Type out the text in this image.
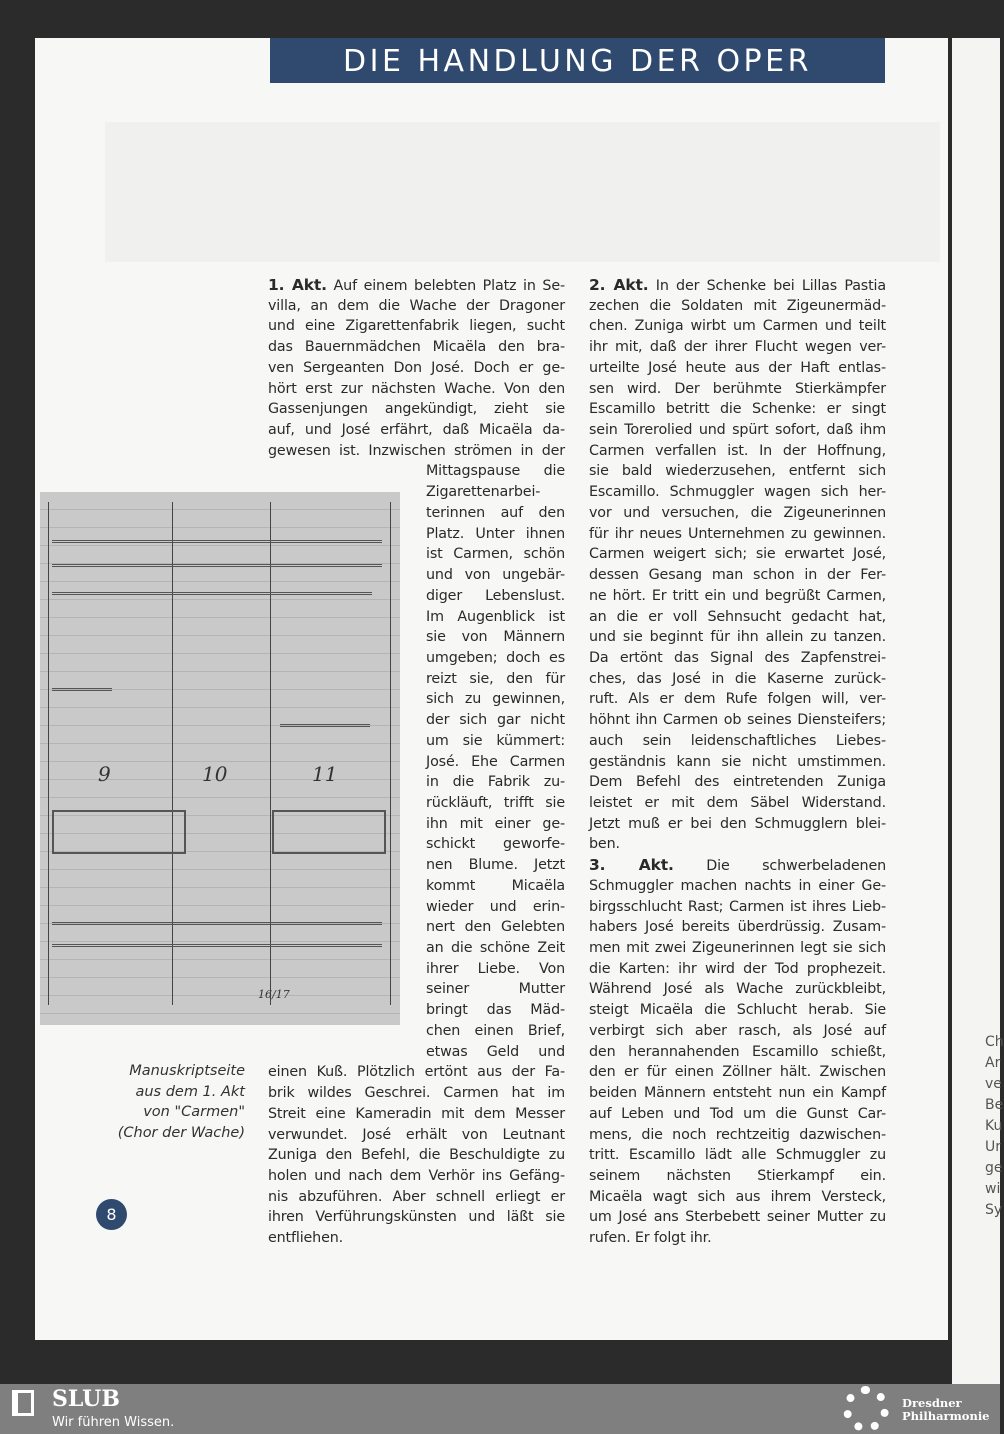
DIE HANDLUNG DER OPER
1. Akt. Auf einem belebten Platz in Se-
villa, an dem die Wache der Dragoner
und eine Zigarettenfabrik liegen, sucht
das Bauernmädchen Micaëla den bra-
ven Sergeanten Don José. Doch er ge-
hört erst zur nächsten Wache. Von den
Gassenjungen angekündigt, zieht sie
auf, und José erfährt, daß Micaëla da-
gewesen ist. Inzwischen strömen in der
Mittagspause die
Zigarettenarbei-
terinnen auf den
Platz. Unter ihnen
ist Carmen, schön
und von ungebär-
diger Lebenslust.
Im Augenblick ist
sie von Männern
umgeben; doch es
reizt sie, den für
sich zu gewinnen,
der sich gar nicht
um sie kümmert:
José. Ehe Carmen
in die Fabrik zu-
rückläuft, trifft sie
ihn mit einer ge-
schickt geworfe-
nen Blume. Jetzt
kommt Micaëla
wieder und erin-
nert den Gelebten
an die schöne Zeit
ihrer Liebe. Von
seiner Mutter
bringt das Mäd-
chen einen Brief,
etwas Geld und
einen Kuß. Plötzlich ertönt aus der Fa-
brik wildes Geschrei. Carmen hat im
Streit eine Kameradin mit dem Messer
verwundet. José erhält von Leutnant
Zuniga den Befehl, die Beschuldigte zu
holen und nach dem Verhör ins Gefäng-
nis abzuführen. Aber schnell erliegt er
ihren Verführungskünsten und läßt sie
entfliehen.
2. Akt. In der Schenke bei Lillas Pastia
zechen die Soldaten mit Zigeunermäd-
chen. Zuniga wirbt um Carmen und teilt
ihr mit, daß der ihrer Flucht wegen ver-
urteilte José heute aus der Haft entlas-
sen wird. Der berühmte Stierkämpfer
Escamillo betritt die Schenke: er singt
sein Torerolied und spürt sofort, daß ihm
Carmen verfallen ist. In der Hoffnung,
sie bald wiederzusehen, entfernt sich
Escamillo. Schmuggler wagen sich her-
vor und versuchen, die Zigeunerinnen
für ihr neues Unternehmen zu gewinnen.
Carmen weigert sich; sie erwartet José,
dessen Gesang man schon in der Fer-
ne hört. Er tritt ein und begrüßt Carmen,
an die er voll Sehnsucht gedacht hat,
und sie beginnt für ihn allein zu tanzen.
Da ertönt das Signal des Zapfenstrei-
ches, das José in die Kaserne zurück-
ruft. Als er dem Rufe folgen will, ver-
höhnt ihn Carmen ob seines Diensteifers;
auch sein leidenschaftliches Liebes-
geständnis kann sie nicht umstimmen.
Dem Befehl des eintretenden Zuniga
leistet er mit dem Säbel Widerstand.
Jetzt muß er bei den Schmugglern blei-
ben.
3. Akt. Die schwerbeladenen
Schmuggler machen nachts in einer Ge-
birgsschlucht Rast; Carmen ist ihres Lieb-
habers José bereits überdrüssig. Zusam-
men mit zwei Zigeunerinnen legt sie sich
die Karten: ihr wird der Tod prophezeit.
Während José als Wache zurückbleibt,
steigt Micaëla die Schlucht herab. Sie
verbirgt sich aber rasch, als José auf
den herannahenden Escamillo schießt,
den er für einen Zöllner hält. Zwischen
beiden Männern entsteht nun ein Kampf
auf Leben und Tod um die Gunst Car-
mens, die noch rechtzeitig dazwischen-
tritt. Escamillo lädt alle Schmuggler zu
seinem nächsten Stierkampf ein.
Micaëla wagt sich aus ihrem Versteck,
um José ans Sterbebett seiner Mutter zu
rufen. Er folgt ihr.
9	10	11
16/17
Manuskriptseite
aus dem 1. Akt
von "Carmen"
(Chor der Wache)
8
Ch
Ar
ve
Be
Ku
Ur
ge
wi
Sy
SLUB
Wir führen Wissen.
Dresdner
Philharmonie
